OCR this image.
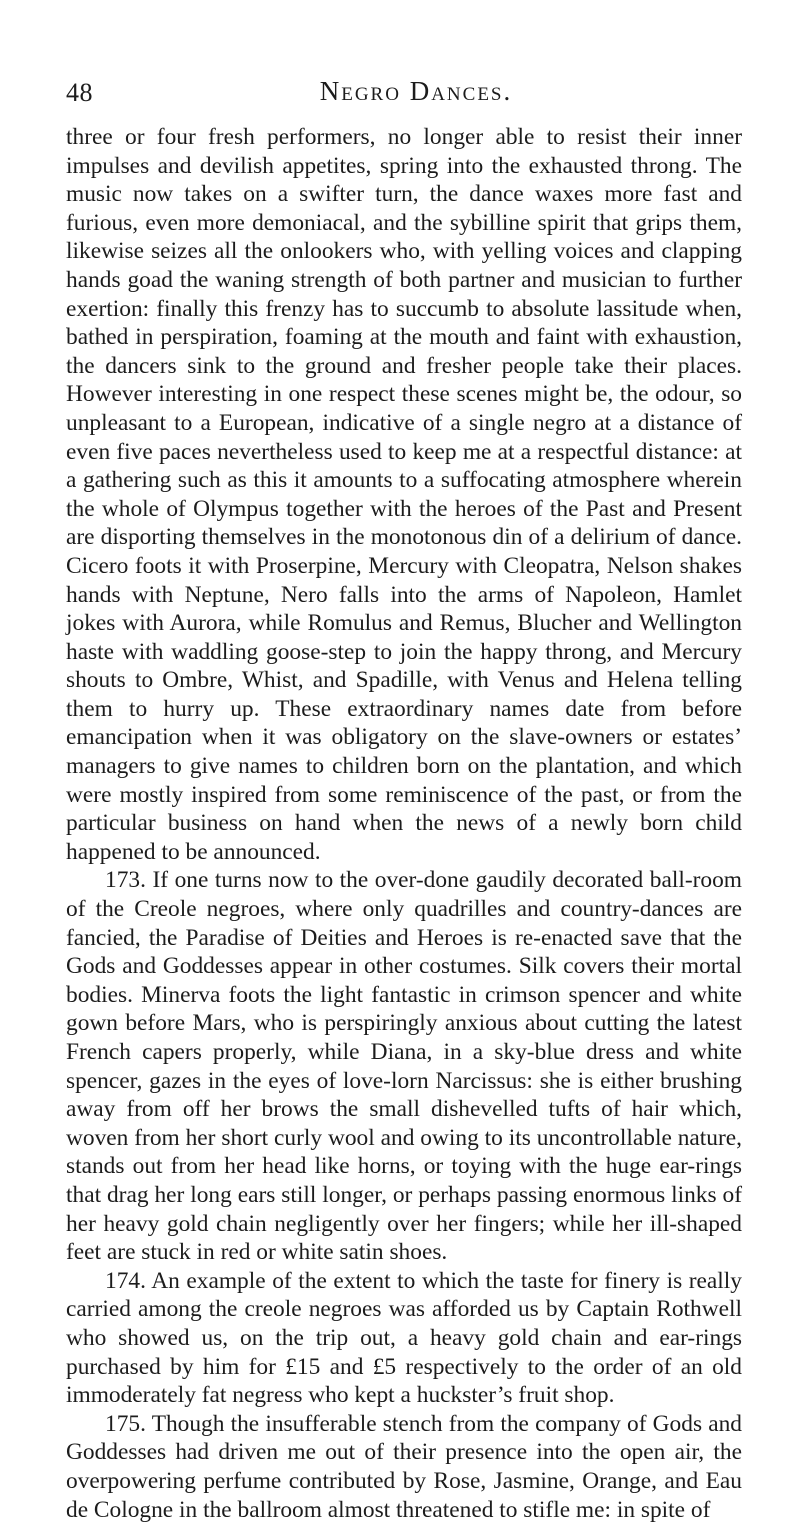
48	Negro Dances.

three or four fresh performers, no longer able to resist their inner impulses and devilish appetites, spring into the exhausted throng. The music now takes on a swifter turn, the dance waxes more fast and furious, even more demoniacal, and the sybilline spirit that grips them, likewise seizes all the onlookers who, with yelling voices and clapping hands goad the waning strength of both partner and musician to further exertion: finally this frenzy has to succumb to absolute lassitude when, bathed in perspiration, foaming at the mouth and faint with exhaustion, the dancers sink to the ground and fresher people take their places. However interesting in one respect these scenes might be, the odour, so unpleasant to a European, indicative of a single negro at a distance of even five paces nevertheless used to keep me at a respectful distance: at a gathering such as this it amounts to a suffocating atmosphere wherein the whole of Olympus together with the heroes of the Past and Present are disporting themselves in the monotonous din of a delirium of dance. Cicero foots it with Proserpine, Mercury with Cleopatra, Nelson shakes hands with Neptune, Nero falls into the arms of Napoleon, Hamlet jokes with Aurora, while Romulus and Remus, Blucher and Wellington haste with waddling goose-step to join the happy throng, and Mercury shouts to Ombre, Whist, and Spadille, with Venus and Helena telling them to hurry up. These extraordinary names date from before emancipation when it was obligatory on the slave-owners or estates’ managers to give names to children born on the plantation, and which were mostly inspired from some reminiscence of the past, or from the particular business on hand when the news of a newly born child happened to be announced.

173. If one turns now to the over-done gaudily decorated ball-room of the Creole negroes, where only quadrilles and country-dances are fancied, the Paradise of Deities and Heroes is re-enacted save that the Gods and Goddesses appear in other costumes. Silk covers their mortal bodies. Minerva foots the light fantastic in crimson spencer and white gown before Mars, who is perspiringly anxious about cutting the latest French capers properly, while Diana, in a sky-blue dress and white spencer, gazes in the eyes of love-lorn Narcissus: she is either brushing away from off her brows the small dishevelled tufts of hair which, woven from her short curly wool and owing to its uncontrollable nature, stands out from her head like horns, or toying with the huge ear-rings that drag her long ears still longer, or perhaps passing enormous links of her heavy gold chain negligently over her fingers; while her ill-shaped feet are stuck in red or white satin shoes.

174. An example of the extent to which the taste for finery is really carried among the creole negroes was afforded us by Captain Rothwell who showed us, on the trip out, a heavy gold chain and ear-rings purchased by him for £15 and £5 respectively to the order of an old immoderately fat negress who kept a huckster’s fruit shop.

175. Though the insufferable stench from the company of Gods and Goddesses had driven me out of their presence into the open air, the overpowering perfume contributed by Rose, Jasmine, Orange, and Eau de Cologne in the ballroom almost threatened to stifle me: in spite of
